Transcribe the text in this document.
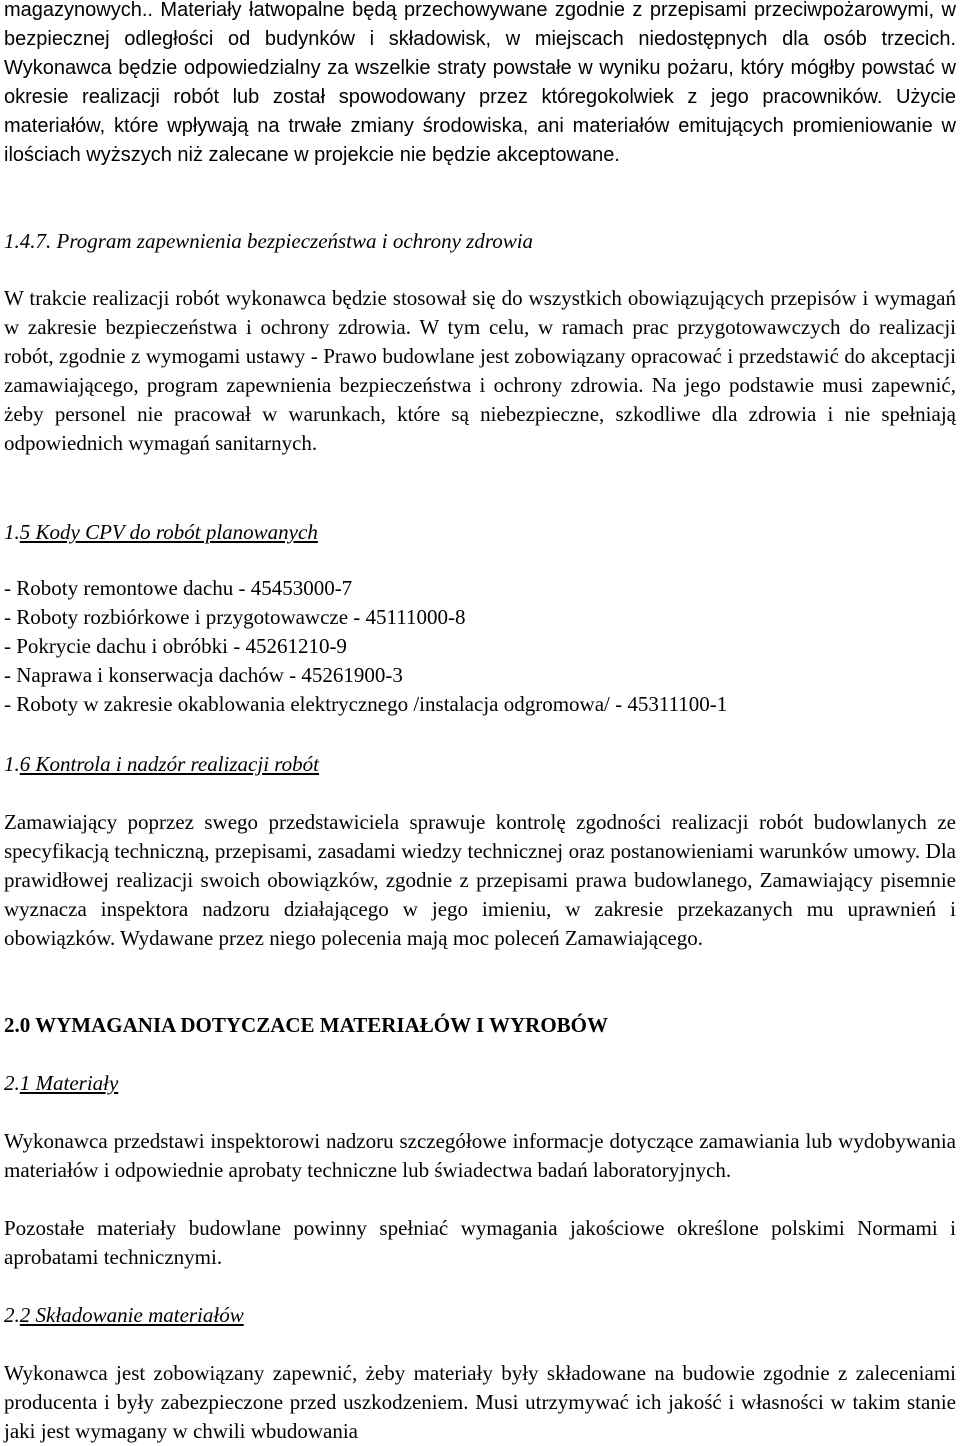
magazynowych.. Materiały łatwopalne będą przechowywane zgodnie z przepisami przeciwpożarowymi, w bezpiecznej odległości od budynków i składowisk, w miejscach niedostępnych dla osób trzecich. Wykonawca będzie odpowiedzialny za wszelkie straty powstałe w wyniku pożaru, który mógłby powstać w okresie realizacji robót lub został spowodowany przez któregokolwiek z jego pracowników. Użycie materiałów, które wpływają na trwałe zmiany środowiska, ani materiałów emitujących promieniowanie w ilościach wyższych niż zalecane w projekcie nie będzie akceptowane.

1.4.7. Program zapewnienia bezpieczeństwa i ochrony zdrowia

W trakcie realizacji robót wykonawca będzie stosował się do wszystkich obowiązujących przepisów i wymagań w zakresie bezpieczeństwa i ochrony zdrowia. W tym celu, w ramach prac przygotowawczych do realizacji robót, zgodnie z wymogami ustawy - Prawo budowlane jest zobowiązany opracować i przedstawić do akceptacji zamawiającego, program zapewnienia bezpieczeństwa i ochrony zdrowia. Na jego podstawie musi zapewnić, żeby personel nie pracował w warunkach, które są niebezpieczne, szkodliwe dla zdrowia i nie spełniają odpowiednich wymagań sanitarnych.

1.5 Kody CPV do robót planowanych

- Roboty remontowe dachu - 45453000-7

- Roboty rozbiórkowe i przygotowawcze - 45111000-8

- Pokrycie dachu i obróbki - 45261210-9

- Naprawa i konserwacja dachów - 45261900-3

- Roboty w zakresie okablowania elektrycznego /instalacja odgromowa/ - 45311100-1

1.6 Kontrola i nadzór realizacji robót

Zamawiający poprzez swego przedstawiciela sprawuje kontrolę zgodności realizacji robót budowlanych ze specyfikacją techniczną, przepisami, zasadami wiedzy technicznej oraz postanowieniami warunków umowy. Dla prawidłowej realizacji swoich obowiązków, zgodnie z przepisami prawa budowlanego, Zamawiający pisemnie wyznacza inspektora nadzoru działającego w jego imieniu, w zakresie przekazanych mu uprawnień i obowiązków. Wydawane przez niego polecenia mają moc poleceń Zamawiającego.

2.0 WYMAGANIA DOTYCZACE MATERIAŁÓW I WYROBÓW

2.1 Materiały

Wykonawca przedstawi inspektorowi nadzoru szczegółowe informacje dotyczące zamawiania lub wydobywania materiałów i odpowiednie aprobaty techniczne lub świadectwa badań laboratoryjnych.

Pozostałe materiały budowlane powinny spełniać wymagania jakościowe określone polskimi Normami i aprobatami technicznymi.

2.2 Składowanie materiałów

Wykonawca jest zobowiązany zapewnić, żeby materiały były składowane na budowie zgodnie z zaleceniami producenta i były zabezpieczone przed uszkodzeniem. Musi utrzymywać ich jakość i własności w takim stanie jaki jest wymagany w chwili wbudowania
